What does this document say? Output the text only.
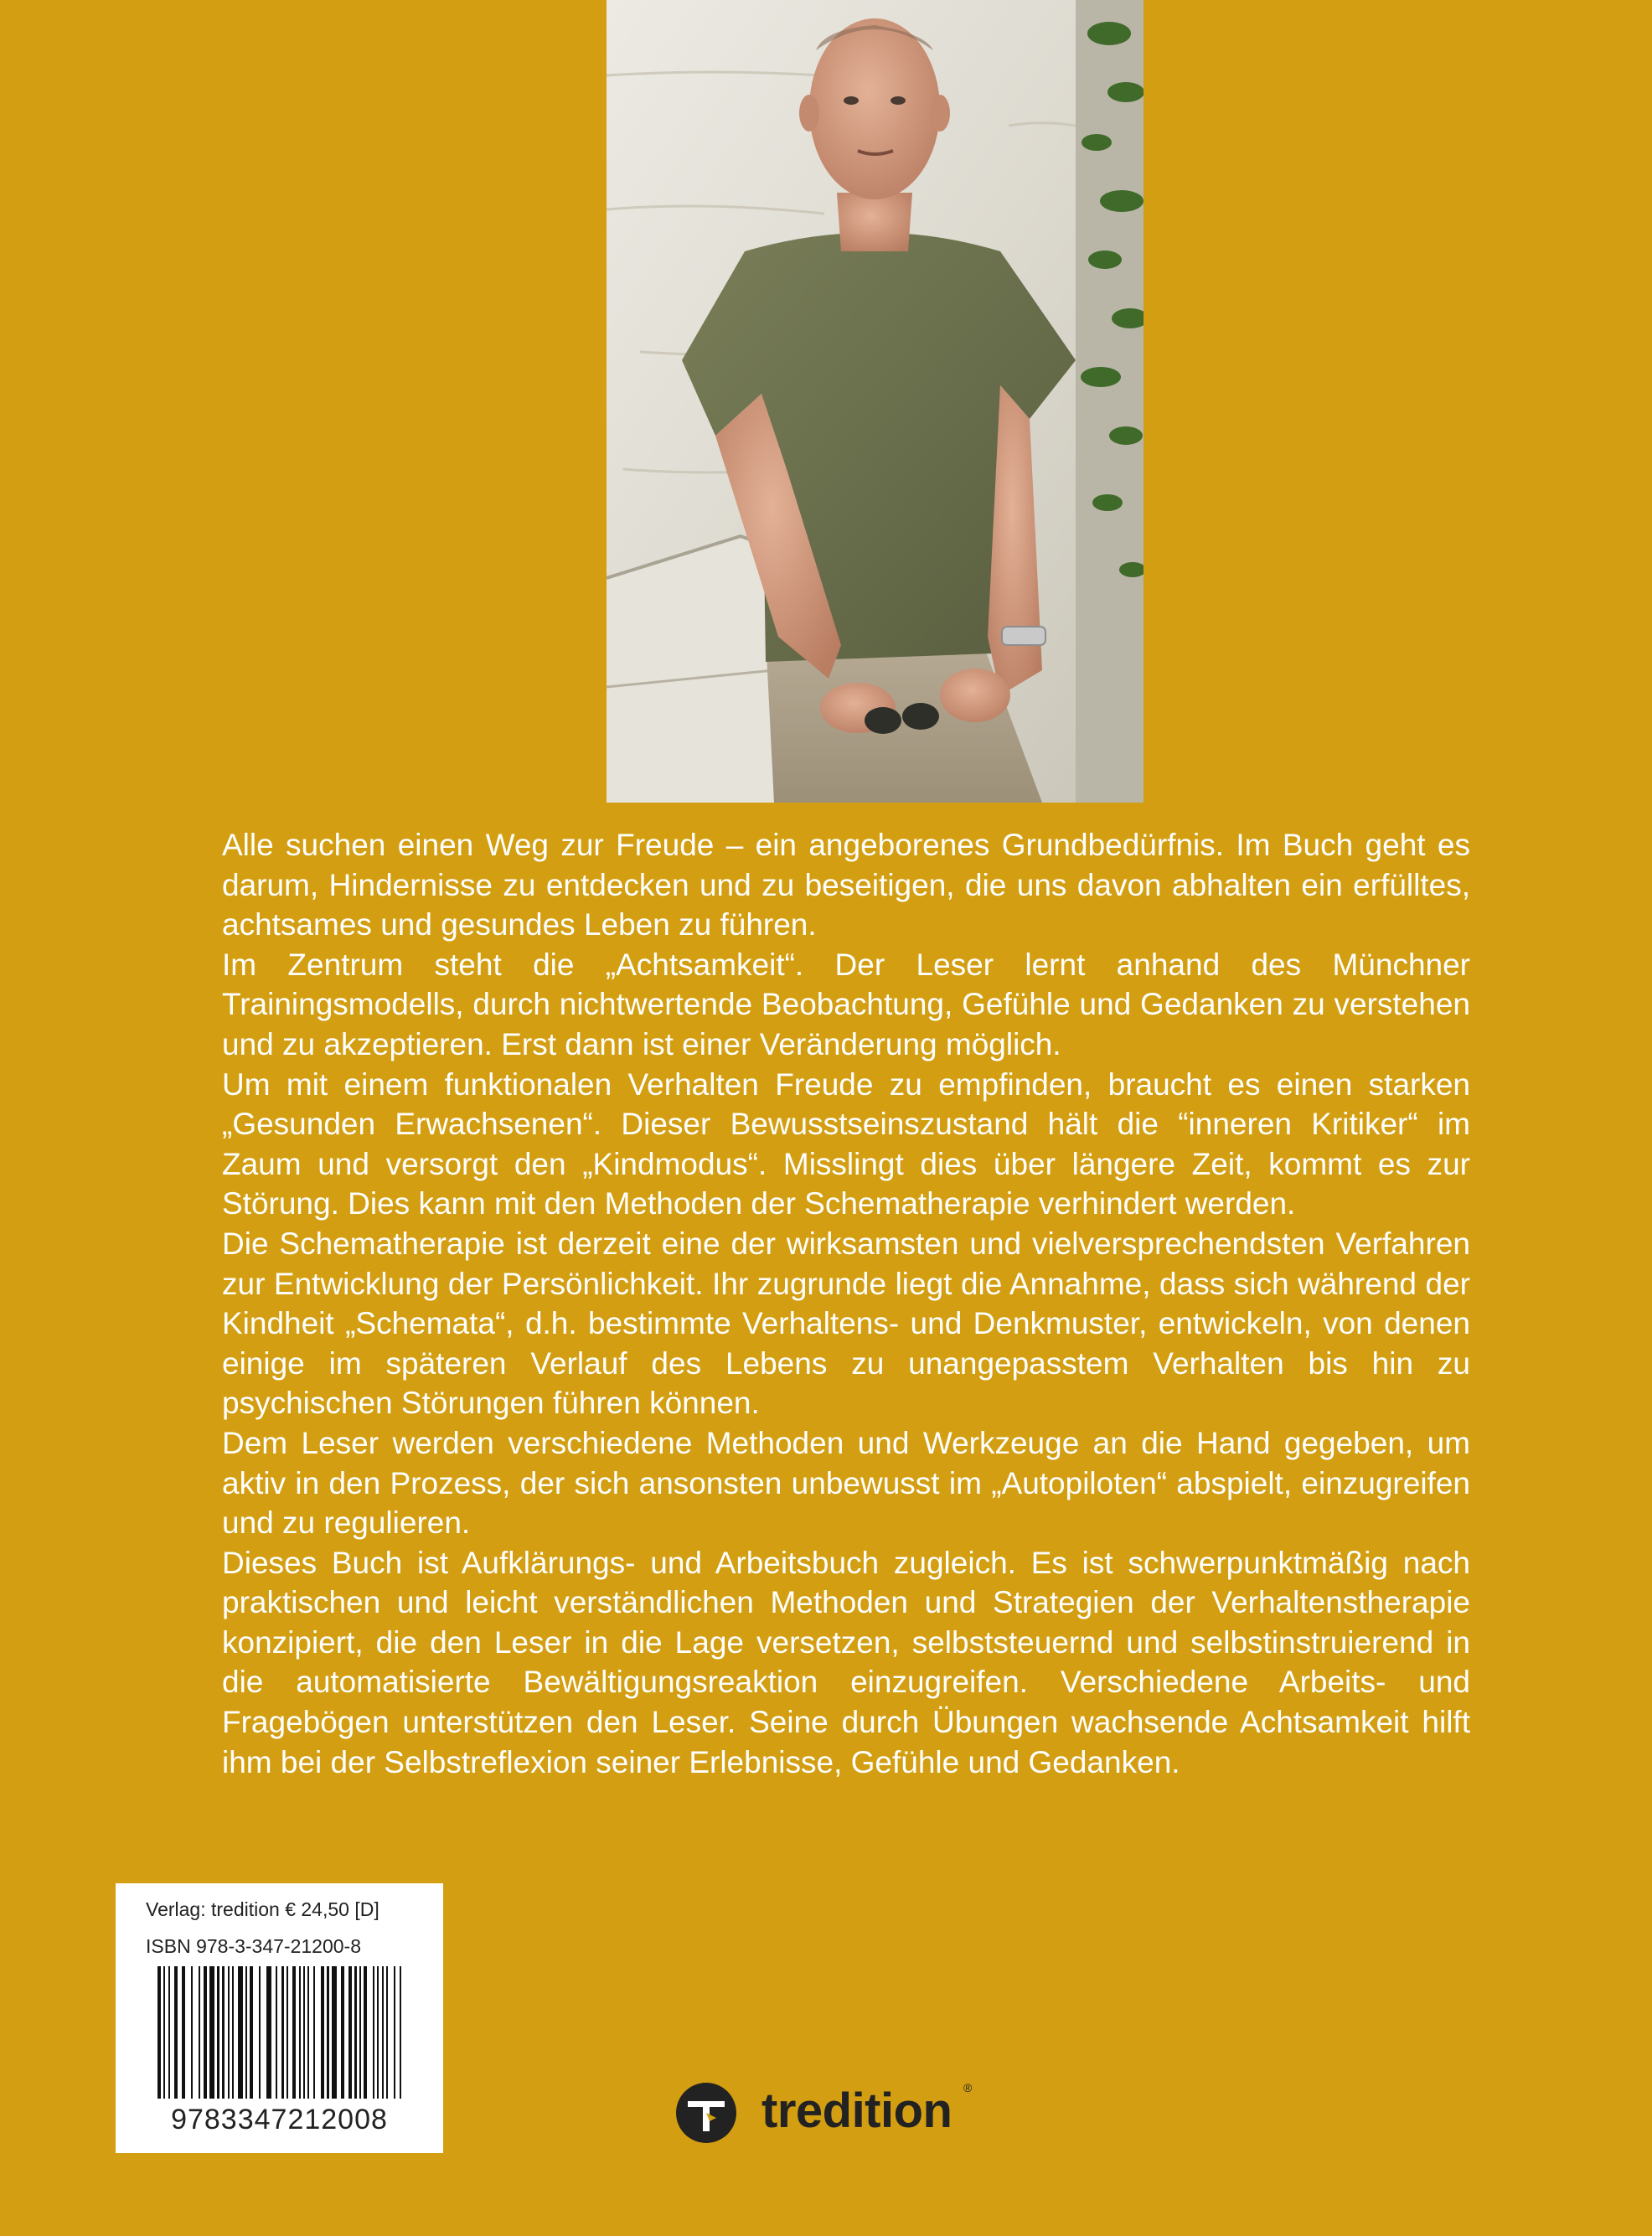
Alle suchen einen Weg zur Freude – ein angeborenes Grundbedürfnis. Im Buch geht es darum, Hindernisse zu entdecken und zu beseitigen, die uns davon abhalten ein erfülltes, achtsames und gesundes Leben zu führen.

Im Zentrum steht die „Achtsamkeit“. Der Leser lernt anhand des Münchner Trainingsmodells, durch nichtwertende Beobachtung, Gefühle und Gedanken zu verstehen und zu akzeptieren. Erst dann ist einer Veränderung möglich.

Um mit einem funktionalen Verhalten Freude zu empfinden, braucht es einen starken „Gesunden Erwachsenen“. Dieser Bewusstseinszustand hält die “inneren Kritiker“ im Zaum und versorgt den „Kindmodus“. Misslingt dies über längere Zeit, kommt es zur Störung. Dies kann mit den Methoden der Schematherapie verhindert werden.

Die Schematherapie ist derzeit eine der wirksamsten und vielversprechendsten Verfahren zur Entwicklung der Persönlichkeit. Ihr zugrunde liegt die Annahme, dass sich während der Kindheit „Schemata“, d.h. bestimmte Verhaltens- und Denkmuster, entwickeln, von denen einige im späteren Verlauf des Lebens zu unangepasstem Verhalten bis hin zu psychischen Störungen führen können.

Dem Leser werden verschiedene Methoden und Werkzeuge an die Hand gegeben, um aktiv in den Prozess, der sich ansonsten unbewusst im „Autopiloten“ abspielt, einzugreifen und zu regulieren.

Dieses Buch ist Aufklärungs- und Arbeitsbuch zugleich. Es ist schwerpunktmäßig nach praktischen und leicht verständlichen Methoden und Strategien der Verhaltenstherapie konzipiert, die den Leser in die Lage versetzen, selbststeuernd und selbstinstruierend in die automatisierte Bewältigungsreaktion einzugreifen. Verschiedene Arbeits- und Fragebögen unterstützen den Leser. Seine durch Übungen wachsende Achtsamkeit hilft ihm bei der Selbstreflexion seiner Erlebnisse, Gefühle und Gedanken.

Verlag: tredition € 24,50 [D]
ISBN 978-3-347-21200-8
9783347212008	tredition ®
